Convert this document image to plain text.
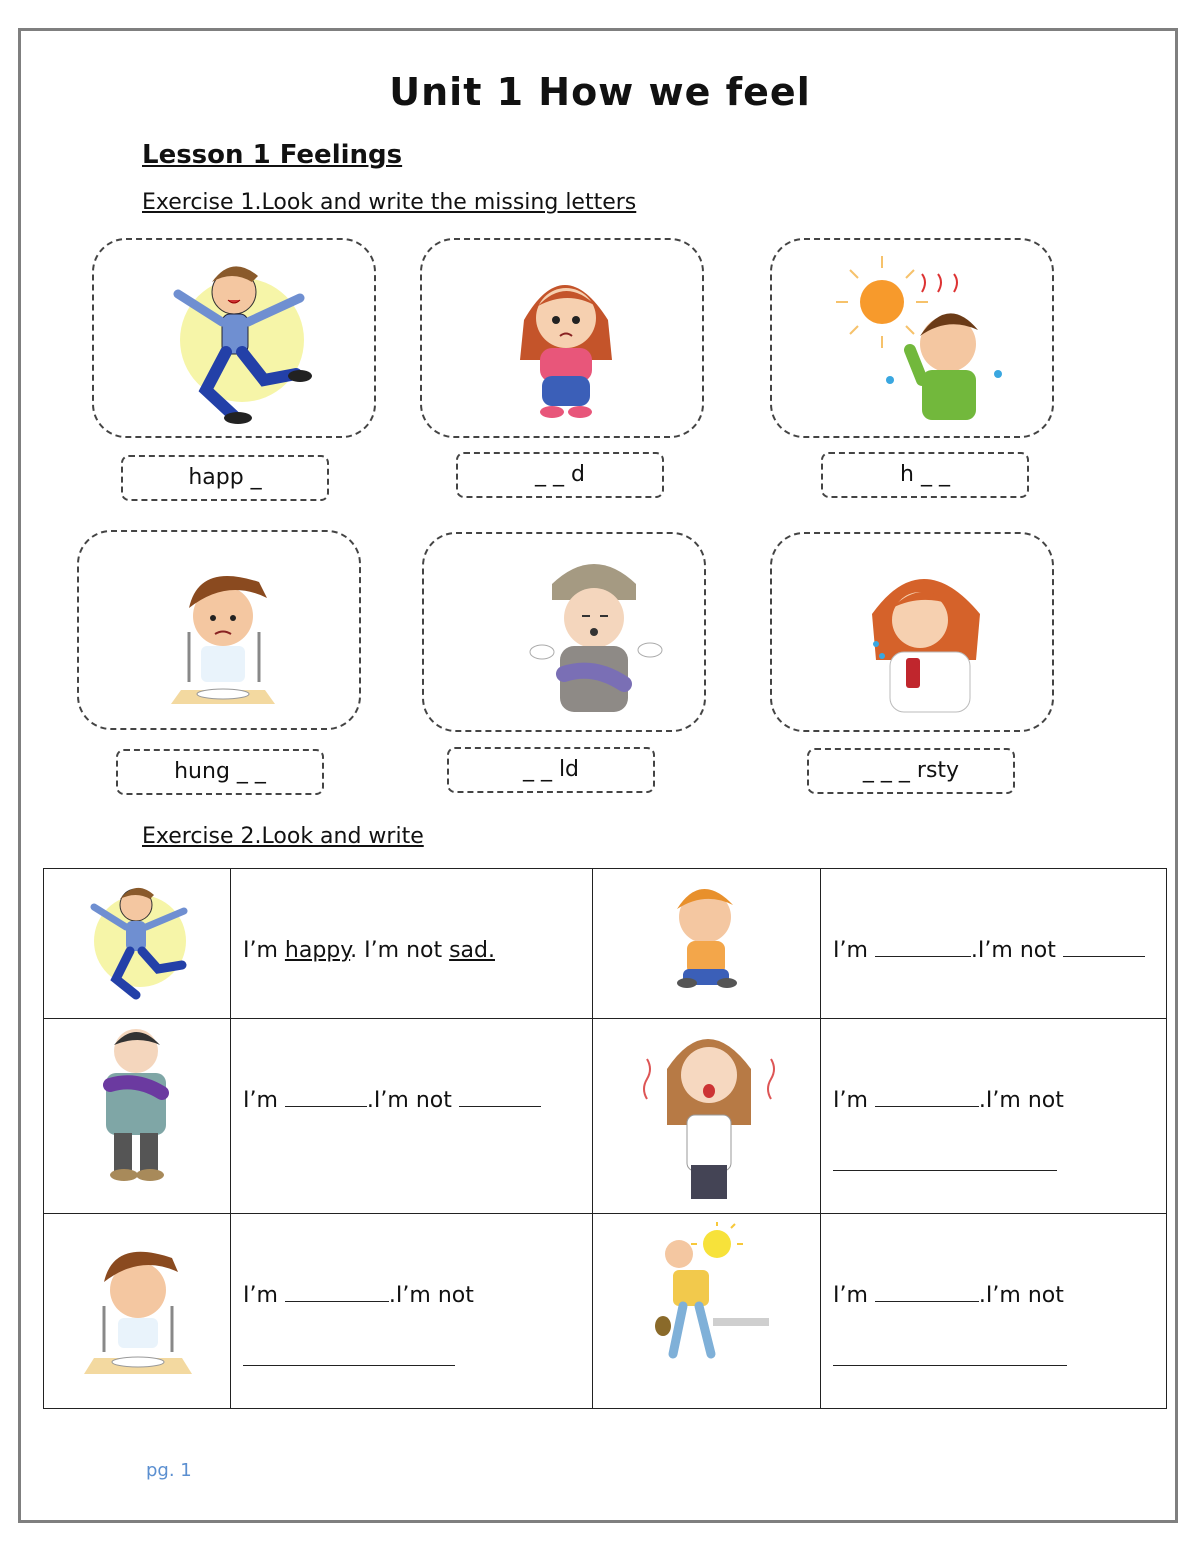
Unit 1 How we feel
Lesson 1 Feelings
Exercise 1.Look and write the missing letters
happ _	_ _ d	h _ _
hung _ _	_ _ ld	_ _ _ rsty
Exercise 2.Look and write

I’m happy. I’m not sad.		I’m .I’m not

I’m .I’m not		I’m .I’m not

I’m .I’m not		I’m .I’m not

pg. 1
